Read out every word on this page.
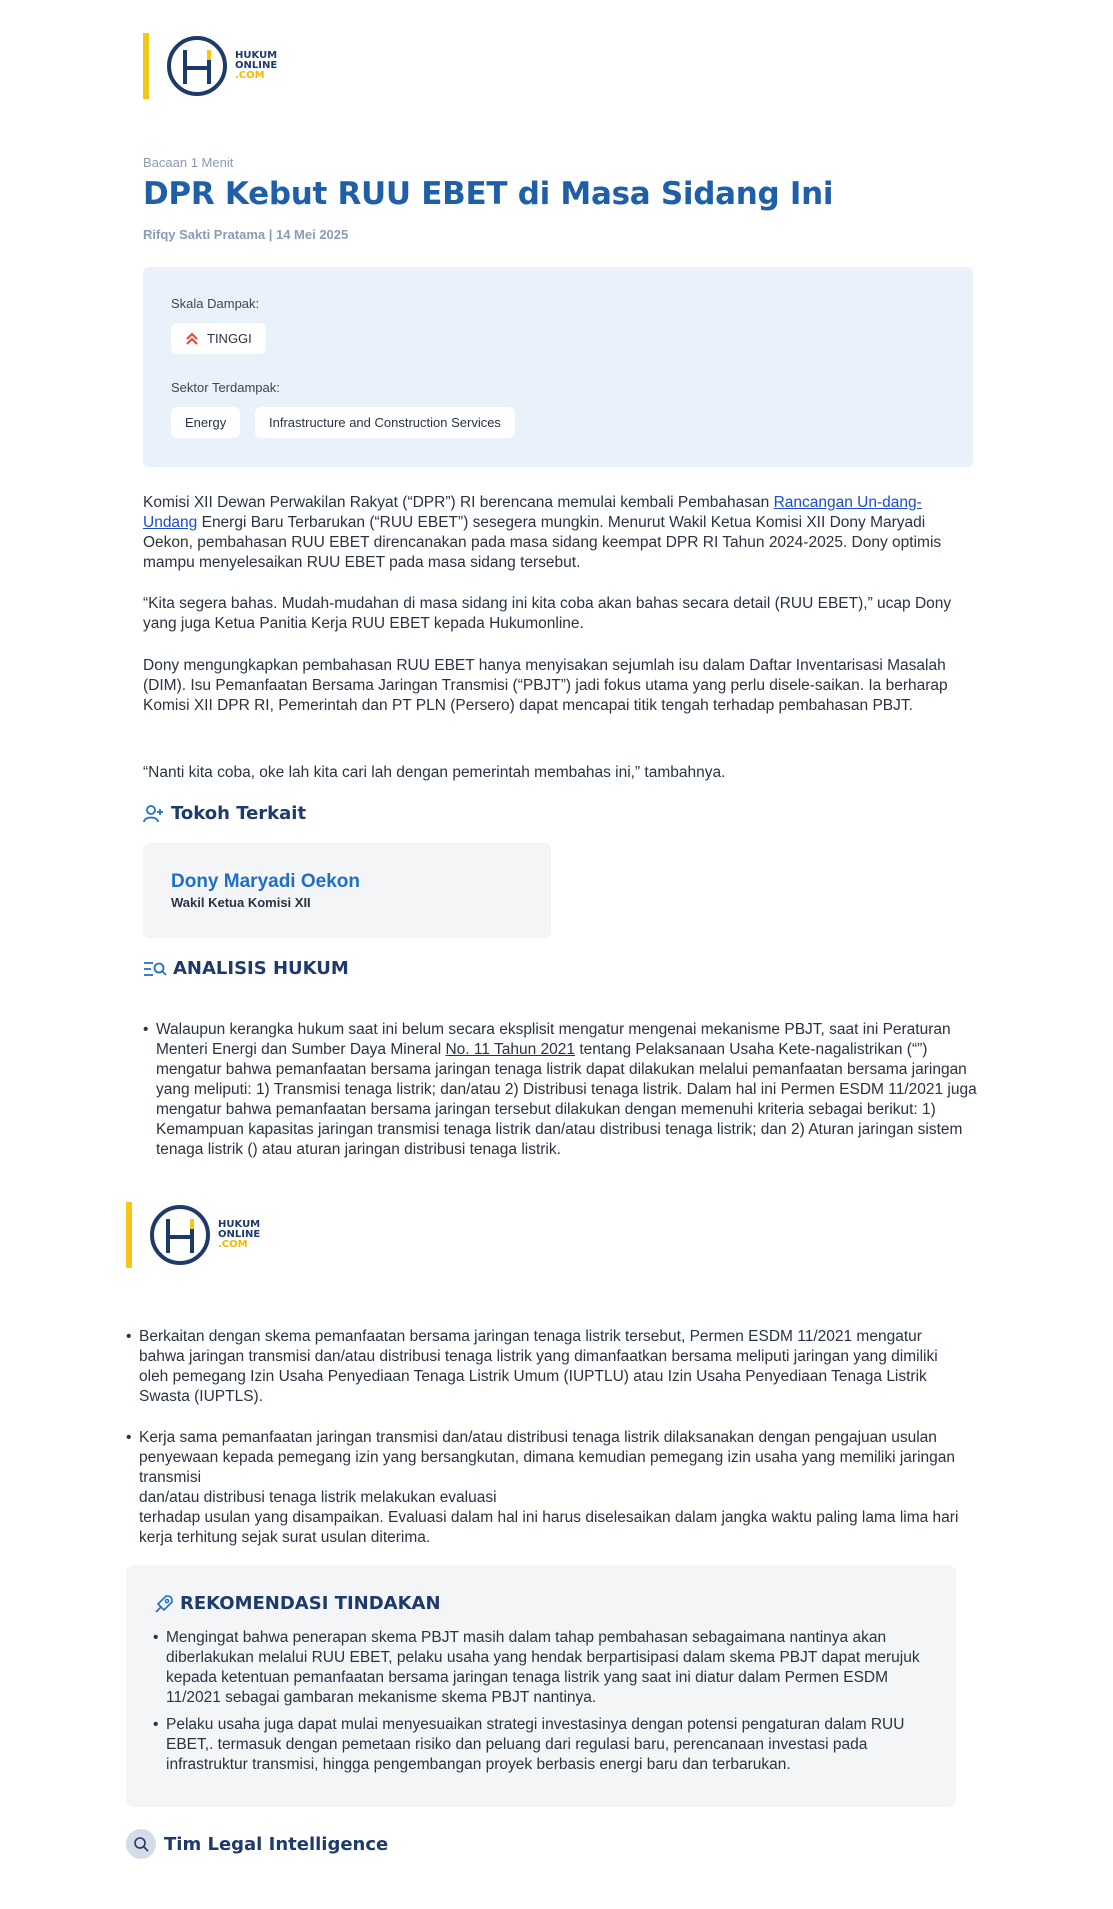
HUKUM
ONLINE
.COM
Bacaan 1 Menit
DPR Kebut RUU EBET di Masa Sidang Ini
Rifqy Sakti Pratama | 14 Mei 2025
Skala Dampak:
TINGGI
Sektor Terdampak:
Energy	Infrastructure and Construction Services
Komisi XII Dewan Perwakilan Rakyat (“DPR”) RI berencana memulai kembali Pembahasan Rancangan Un-dang-Undang Energi Baru Terbarukan (“RUU EBET”) sesegera mungkin. Menurut Wakil Ketua Komisi XII Dony Maryadi Oekon, pembahasan RUU EBET direncanakan pada masa sidang keempat DPR RI Tahun 2024-2025. Dony optimis mampu menyelesaikan RUU EBET pada masa sidang tersebut.
“Kita segera bahas. Mudah-mudahan di masa sidang ini kita coba akan bahas secara detail (RUU EBET),” ucap Dony yang juga Ketua Panitia Kerja RUU EBET kepada Hukumonline.
Dony mengungkapkan pembahasan RUU EBET hanya menyisakan sejumlah isu dalam Daftar Inventarisasi Masalah (DIM). Isu Pemanfaatan Bersama Jaringan Transmisi (“PBJT”) jadi fokus utama yang perlu disele-saikan. Ia berharap Komisi XII DPR RI, Pemerintah dan PT PLN (Persero) dapat mencapai titik tengah terhadap pembahasan PBJT.
“Nanti kita coba, oke lah kita cari lah dengan pemerintah membahas ini,” tambahnya.
Tokoh Terkait
Dony Maryadi Oekon
Wakil Ketua Komisi XII
ANALISIS HUKUM
• Walaupun kerangka hukum saat ini belum secara eksplisit mengatur mengenai mekanisme PBJT, saat ini Peraturan Menteri Energi dan Sumber Daya Mineral No. 11 Tahun 2021 tentang Pelaksanaan Usaha Kete-nagalistrikan (“”) mengatur bahwa pemanfaatan bersama jaringan tenaga listrik dapat dilakukan melalui pemanfaatan bersama jaringan yang meliputi: 1) Transmisi tenaga listrik; dan/atau 2) Distribusi tenaga listrik. Dalam hal ini Permen ESDM 11/2021 juga mengatur bahwa pemanfaatan bersama jaringan tersebut dilakukan dengan memenuhi kriteria sebagai berikut: 1) Kemampuan kapasitas jaringan transmisi tenaga listrik dan/atau distribusi tenaga listrik; dan 2) Aturan jaringan sistem tenaga listrik () atau aturan jaringan distribusi tenaga listrik.
HUKUM
ONLINE
.COM
• Berkaitan dengan skema pemanfaatan bersama jaringan tenaga listrik tersebut, Permen ESDM 11/2021 mengatur bahwa jaringan transmisi dan/atau distribusi tenaga listrik yang dimanfaatkan bersama meliputi jaringan yang dimiliki oleh pemegang Izin Usaha Penyediaan Tenaga Listrik Umum (IUPTLU) atau Izin Usaha Penyediaan Tenaga Listrik Swasta (IUPTLS).
• Kerja sama pemanfaatan jaringan transmisi dan/atau distribusi tenaga listrik dilaksanakan dengan pengajuan usulan penyewaan kepada pemegang izin yang bersangkutan, dimana kemudian pemegang izin usaha yang memiliki jaringan transmisi
dan/atau distribusi tenaga listrik melakukan evaluasi
terhadap usulan yang disampaikan. Evaluasi dalam hal ini harus diselesaikan dalam jangka waktu paling lama lima hari kerja terhitung sejak surat usulan diterima.
REKOMENDASI TINDAKAN
• Mengingat bahwa penerapan skema PBJT masih dalam tahap pembahasan sebagaimana nantinya akan diberlakukan melalui RUU EBET, pelaku usaha yang hendak berpartisipasi dalam skema PBJT dapat merujuk kepada ketentuan pemanfaatan bersama jaringan tenaga listrik yang saat ini diatur dalam Permen ESDM 11/2021 sebagai gambaran mekanisme skema PBJT nantinya.
• Pelaku usaha juga dapat mulai menyesuaikan strategi investasinya dengan potensi pengaturan dalam RUU EBET,. termasuk dengan pemetaan risiko dan peluang dari regulasi baru, perencanaan investasi pada infrastruktur transmisi, hingga pengembangan proyek berbasis energi baru dan terbarukan.
Tim Legal Intelligence
